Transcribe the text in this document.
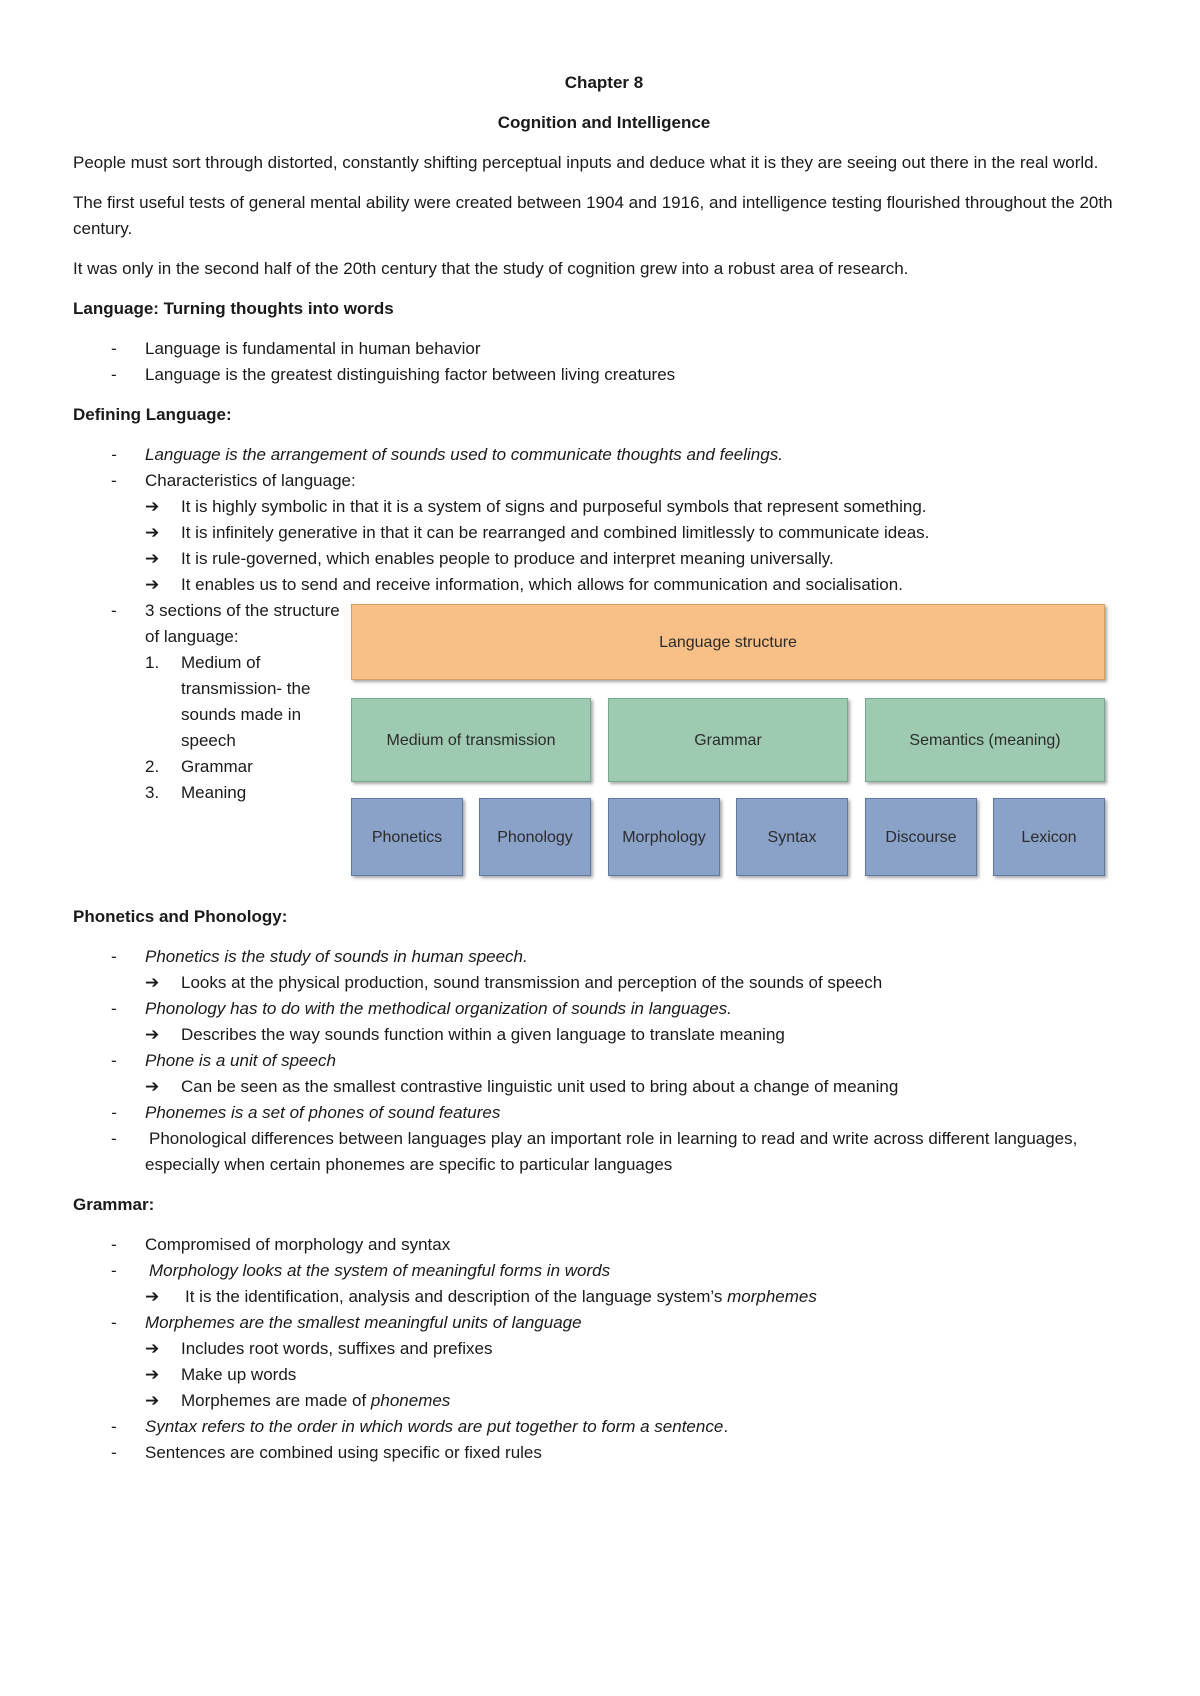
Chapter 8

Cognition and Intelligence

People must sort through distorted, constantly shifting perceptual inputs and deduce what it is they are seeing out there in the real world.

The first useful tests of general mental ability were created between 1904 and 1916, and intelligence testing flourished throughout the 20th century.

It was only in the second half of the 20th century that the study of cognition grew into a robust area of research.

Language: Turning thoughts into words
- Language is fundamental in human behavior
- Language is the greatest distinguishing factor between living creatures
Defining Language:
- Language is the arrangement of sounds used to communicate thoughts and feelings.
- Characteristics of language:
➔ It is highly symbolic in that it is a system of signs and purposeful symbols that represent something.
➔ It is infinitely generative in that it can be rearranged and combined limitlessly to communicate ideas.
➔ It is rule-governed, which enables people to produce and interpret meaning universally.
➔ It enables us to send and receive information, which allows for communication and socialisation.
- 3 sections of the structure of language:
1. Medium of transmission- the sounds made in speech
2. Grammar
3. Meaning
Language structure
Medium of transmission	Grammar	Semantics (meaning)
Phonetics	Phonology	Morphology	Syntax	Discourse	Lexicon
Phonetics and Phonology:
- Phonetics is the study of sounds in human speech.
➔ Looks at the physical production, sound transmission and perception of the sounds of speech
- Phonology has to do with the methodical organization of sounds in languages.
➔ Describes the way sounds function within a given language to translate meaning
- Phone is a unit of speech
➔ Can be seen as the smallest contrastive linguistic unit used to bring about a change of meaning
- Phonemes is a set of phones of sound features
- Phonological differences between languages play an important role in learning to read and write across different languages, especially when certain phonemes are specific to particular languages
Grammar:
- Compromised of morphology and syntax
- Morphology looks at the system of meaningful forms in words
➔ It is the identification, analysis and description of the language system’s morphemes
- Morphemes are the smallest meaningful units of language
➔ Includes root words, suffixes and prefixes
➔ Make up words
➔ Morphemes are made of phonemes
- Syntax refers to the order in which words are put together to form a sentence.
- Sentences are combined using specific or fixed rules
